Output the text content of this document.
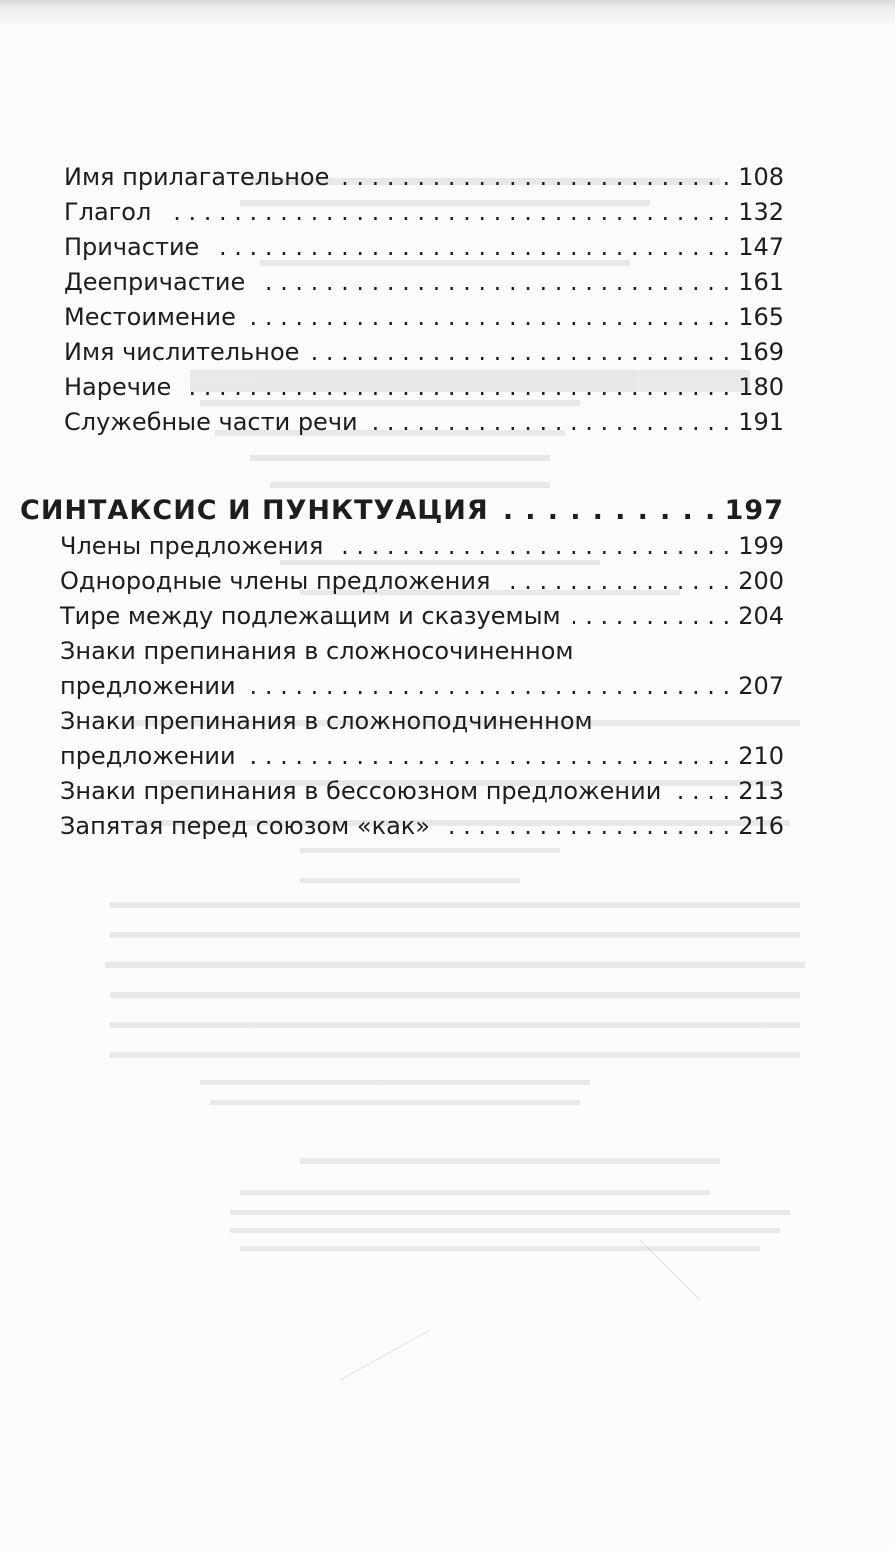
Имя прилагательное . . .	108
Глагол . . .	132
Причастие . . .	147
Деепричастие . . .	161
Местоимение . . .	165
Имя числительное . . .	169
Наречие . . .	180
Служебные части речи . . .	191
СИНТАКСИС И ПУНКТУАЦИЯ . . .	197
Члены предложения . . .	199
Однородные члены предложения . . .	200
Тире между подлежащим и сказуемым . . .	204
Знаки препинания в сложносочиненном
предложении . . .	207
Знаки препинания в сложноподчиненном
предложении . . .	210
Знаки препинания в бессоюзном предложении . . .	213
Запятая перед союзом «как» . . .	216
